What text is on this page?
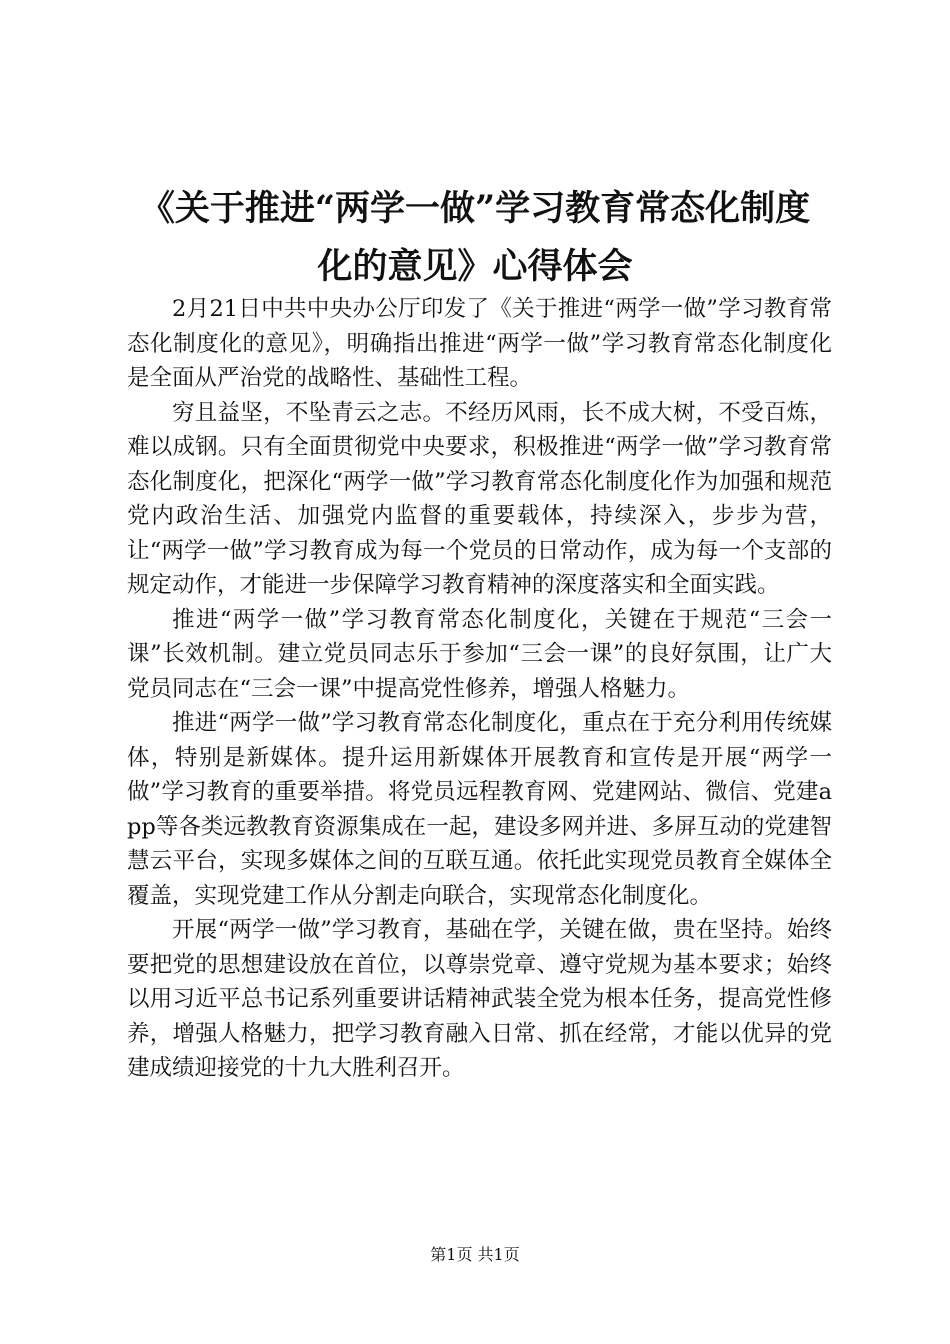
《关于推进“两学一做”学习教育常态化制度
化的意见》心得体会

2月21日中共中央办公厅印发了《关于推进“两学一做”学习教育常态化制度化的意见》，明确指出推进“两学一做”学习教育常态化制度化是全面从严治党的战略性、基础性工程。

穷且益坚，不坠青云之志。不经历风雨，长不成大树，不受百炼，难以成钢。只有全面贯彻党中央要求，积极推进“两学一做”学习教育常态化制度化，把深化“两学一做”学习教育常态化制度化作为加强和规范党内政治生活、加强党内监督的重要载体，持续深入，步步为营，让“两学一做”学习教育成为每一个党员的日常动作，成为每一个支部的规定动作，才能进一步保障学习教育精神的深度落实和全面实践。

推进“两学一做”学习教育常态化制度化，关键在于规范“三会一课”长效机制。建立党员同志乐于参加“三会一课”的良好氛围，让广大党员同志在“三会一课”中提高党性修养，增强人格魅力。

推进“两学一做”学习教育常态化制度化，重点在于充分利用传统媒体，特别是新媒体。提升运用新媒体开展教育和宣传是开展“两学一做”学习教育的重要举措。将党员远程教育网、党建网站、微信、党建app等各类远教教育资源集成在一起，建设多网并进、多屏互动的党建智慧云平台，实现多媒体之间的互联互通。依托此实现党员教育全媒体全覆盖，实现党建工作从分割走向联合，实现常态化制度化。

开展“两学一做”学习教育，基础在学，关键在做，贵在坚持。始终要把党的思想建设放在首位，以尊崇党章、遵守党规为基本要求；始终以用习近平总书记系列重要讲话精神武装全党为根本任务，提高党性修养，增强人格魅力，把学习教育融入日常、抓在经常，才能以优异的党建成绩迎接党的十九大胜利召开。

第1页 共1页
